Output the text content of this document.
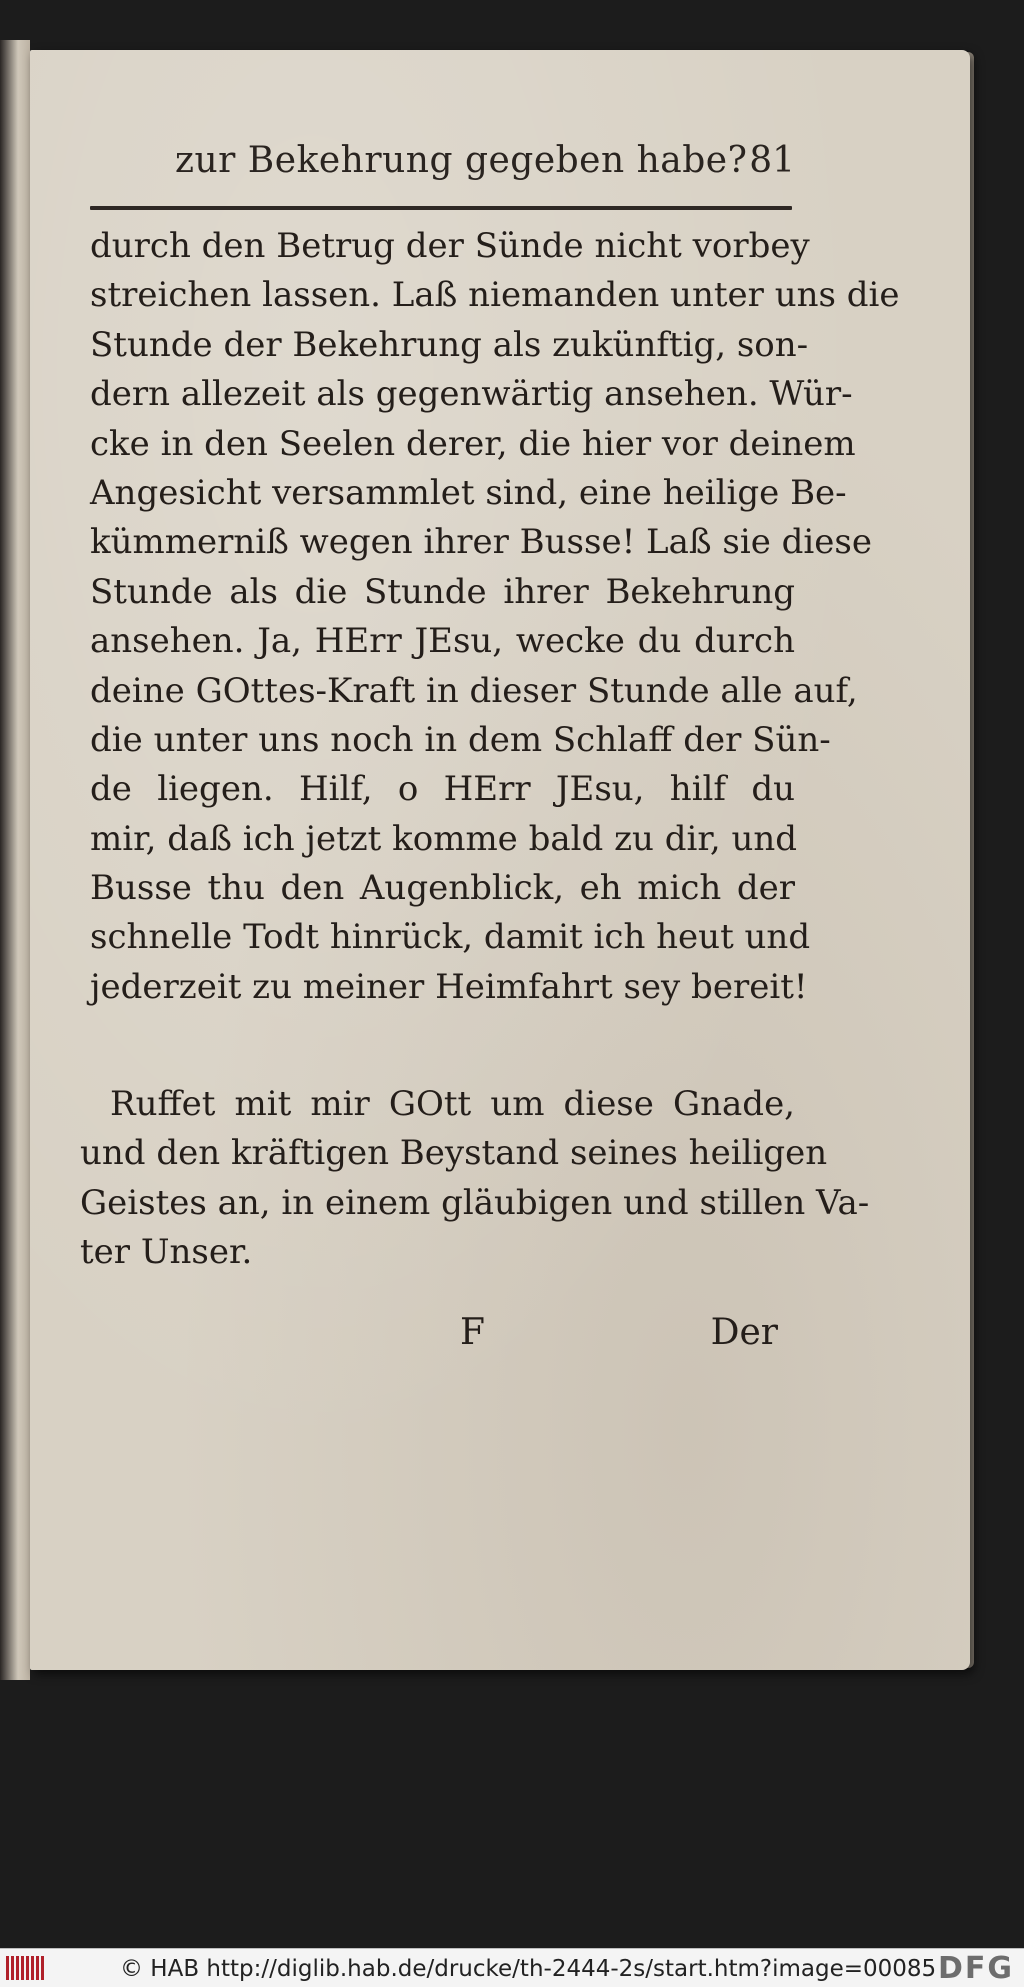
zur Bekehrung gegeben habe? 81
durch den Betrug der Sünde nicht vorbey
streichen lassen. Laß niemanden unter uns die
Stunde der Bekehrung als zukünftig, son-
dern allezeit als gegenwärtig ansehen. Wür-
cke in den Seelen derer, die hier vor deinem
Angesicht versammlet sind, eine heilige Be-
kümmerniß wegen ihrer Busse! Laß sie diese
Stunde als die Stunde ihrer Bekehrung
ansehen. Ja, HErr JEsu, wecke du durch
deine GOttes-Kraft in dieser Stunde alle auf,
die unter uns noch in dem Schlaff der Sün-
de liegen. Hilf, o HErr JEsu, hilf du
mir, daß ich jetzt komme bald zu dir, und
Busse thu den Augenblick, eh mich der
schnelle Todt hinrück, damit ich heut und
jederzeit zu meiner Heimfahrt sey bereit!
Ruffet mit mir GOtt um diese Gnade,
und den kräftigen Beystand seines heiligen
Geistes an, in einem gläubigen und stillen Va-
ter Unser.
F	Der
© HAB http://diglib.hab.de/drucke/th-2444-2s/start.htm?image=00085 DFG
